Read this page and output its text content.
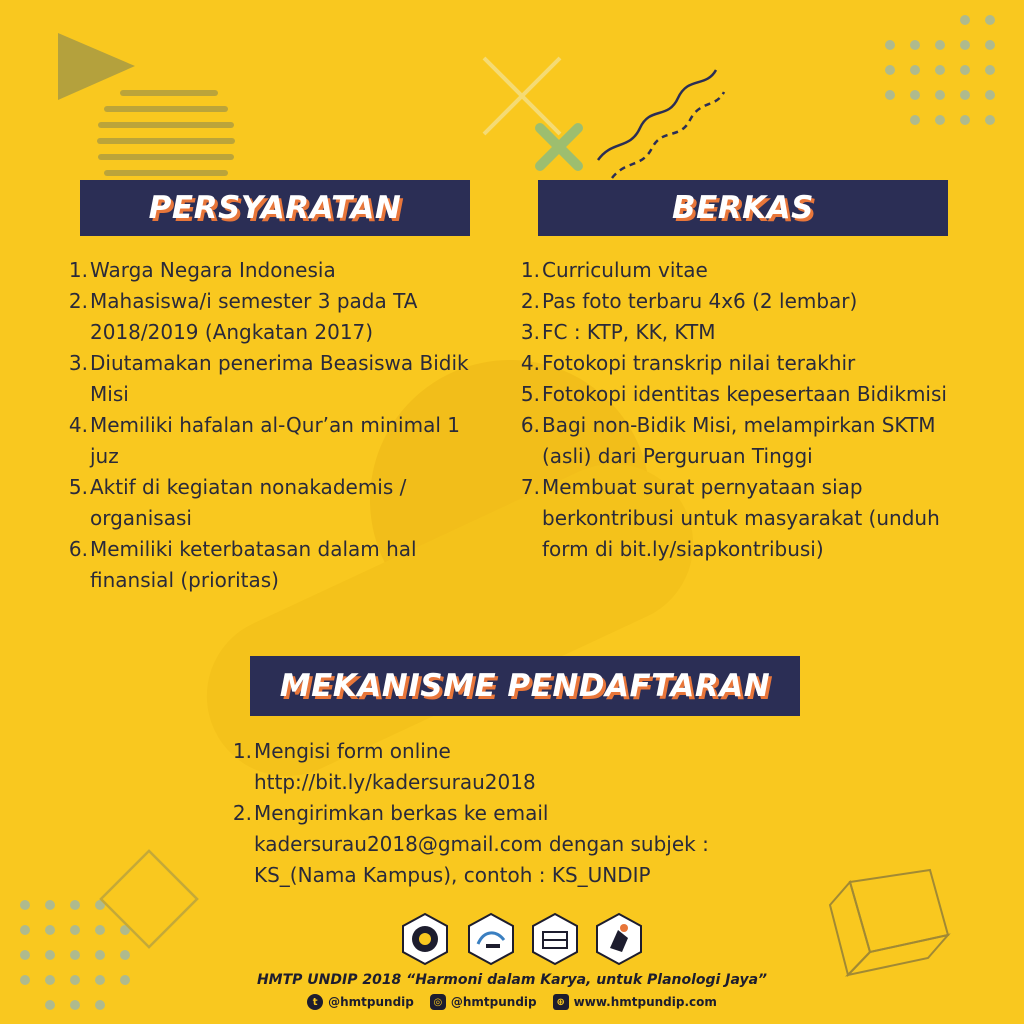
PERSYARATAN	BERKAS
MEKANISME PENDAFTARAN
1. Warga Negara Indonesia
2. Mahasiswa/i semester 3 pada TA 2018/2019 (Angkatan 2017)
3. Diutamakan penerima Beasiswa Bidik Misi
4. Memiliki hafalan al-Qur’an minimal 1 juz
5. Aktif di kegiatan nonakademis / organisasi
6. Memiliki keterbatasan dalam hal finansial (prioritas)
1. Curriculum vitae
2. Pas foto terbaru 4x6 (2 lembar)
3. FC : KTP, KK, KTM
4. Fotokopi transkrip nilai terakhir
5. Fotokopi identitas kepesertaan Bidikmisi
6. Bagi non-Bidik Misi, melampirkan SKTM (asli) dari Perguruan Tinggi
7. Membuat surat pernyataan siap berkontribusi untuk masyarakat (unduh form di bit.ly/siapkontribusi)
1. Mengisi form online http://bit.ly/kadersurau2018
2. Mengirimkan berkas ke email kadersurau2018@gmail.com dengan subjek : KS_(Nama Kampus), contoh : KS_UNDIP
HMTP UNDIP 2018 “Harmoni dalam Karya, untuk Planologi Jaya”
t @hmtpundip	◎ @hmtpundip	⊕ www.hmtpundip.com
